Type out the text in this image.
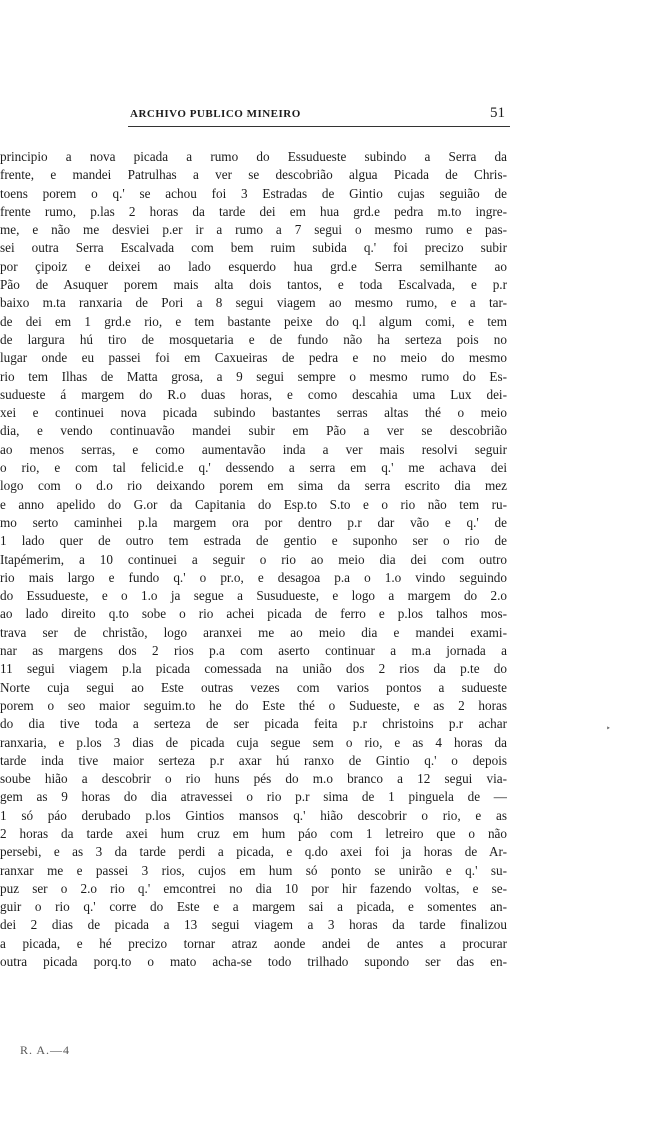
ARCHIVO PUBLICO MINEIRO	51
principio a nova picada a rumo do Essudueste subindo a Serra da
frente, e mandei Patrulhas a ver se descobrião algua Picada de Chris-
toens porem o q.' se achou foi 3 Estradas de Gintio cujas seguião de
frente rumo, p.las 2 horas da tarde dei em hua grd.e pedra m.to ingre-
me, e não me desviei p.er ir a rumo a 7 segui o mesmo rumo e pas-
sei outra Serra Escalvada com bem ruim subida q.' foi precizo subir
por çipoiz e deixei ao lado esquerdo hua grd.e Serra semilhante ao
Pão de Asuquer porem mais alta dois tantos, e toda Escalvada, e p.r
baixo m.ta ranxaria de Pori a 8 segui viagem ao mesmo rumo, e a tar-
de dei em 1 grd.e rio, e tem bastante peixe do q.l algum comi, e tem
de largura hú tiro de mosquetaria e de fundo não ha serteza pois no
lugar onde eu passei foi em Caxueiras de pedra e no meio do mesmo
rio tem Ilhas de Matta grosa, a 9 segui sempre o mesmo rumo do Es-
sudueste á margem do R.o duas horas, e como descahia uma Lux dei-
xei e continuei nova picada subindo bastantes serras altas thé o meio
dia, e vendo continuavão mandei subir em Pão a ver se descobrião
ao menos serras, e como aumentavão inda a ver mais resolvi seguir
o rio, e com tal felicid.e q.' dessendo a serra em q.' me achava dei
logo com o d.o rio deixando porem em sima da serra escrito dia mez
e anno apelido do G.or da Capitania do Esp.to S.to e o rio não tem ru-
mo serto caminhei p.la margem ora por dentro p.r dar vão e q.' de
1 lado quer de outro tem estrada de gentio e suponho ser o rio de
Itapémerim, a 10 continuei a seguir o rio ao meio dia dei com outro
rio mais largo e fundo q.' o pr.o, e desagoa p.a o 1.o vindo seguindo
do Essudueste, e o 1.o ja segue a Susudueste, e logo a margem do 2.o
ao lado direito q.to sobe o rio achei picada de ferro e p.los talhos mos-
trava ser de christão, logo aranxei me ao meio dia e mandei exami-
nar as margens dos 2 rios p.a com aserto continuar a m.a jornada a
11 segui viagem p.la picada comessada na união dos 2 rios da p.te do
Norte cuja segui ao Este outras vezes com varios pontos a sudueste
porem o seo maior seguim.to he do Este thé o Sudueste, e as 2 horas
do dia tive toda a serteza de ser picada feita p.r christoins p.r achar
ranxaria, e p.los 3 dias de picada cuja segue sem o rio, e as 4 horas da
tarde inda tive maior serteza p.r axar hú ranxo de Gintio q.' o depois
soube hião a descobrir o rio huns pés do m.o branco a 12 segui via-
gem as 9 horas do dia atravessei o rio p.r sima de 1 pinguela de —
1 só páo derubado p.los Gintios mansos q.' hião descobrir o rio, e as
2 horas da tarde axei hum cruz em hum páo com 1 letreiro que o não
persebi, e as 3 da tarde perdi a picada, e q.do axei foi ja horas de Ar-
ranxar me e passei 3 rios, cujos em hum só ponto se unirão e q.' su-
puz ser o 2.o rio q.' emcontrei no dia 10 por hir fazendo voltas, e se-
guir o rio q.' corre do Este e a margem sai a picada, e somentes an-
dei 2 dias de picada a 13 segui viagem a 3 horas da tarde finalizou
a picada, e hé precizo tornar atraz aonde andei de antes a procurar
outra picada porq.to o mato acha-se todo trilhado supondo ser das en-
‣
R. A.—4
